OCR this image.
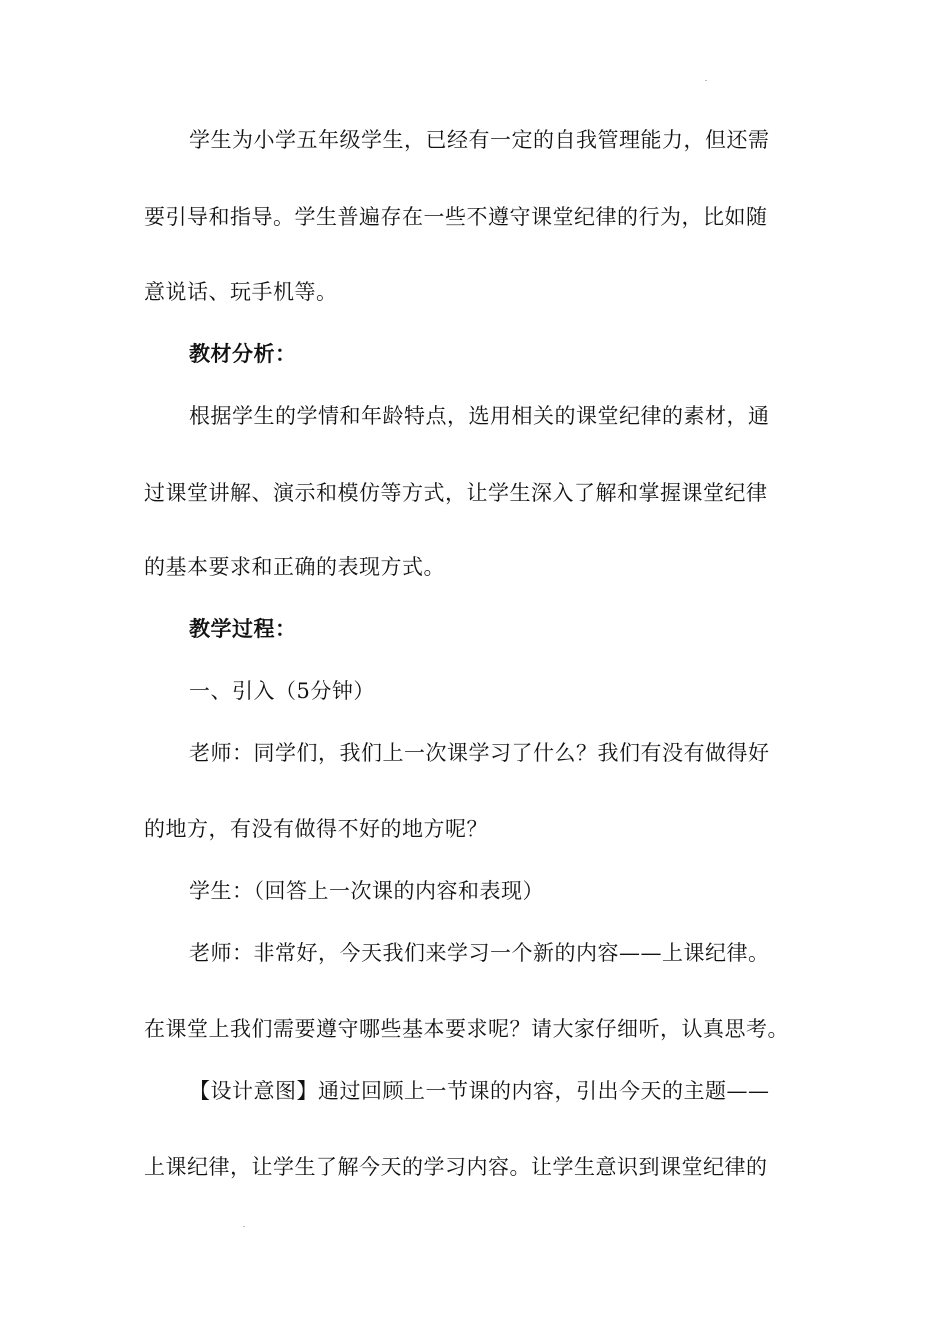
学生为小学五年级学生，已经有一定的自我管理能力，但还需
要引导和指导。学生普遍存在一些不遵守课堂纪律的行为，比如随
意说话、玩手机等。
教材分析：
根据学生的学情和年龄特点，选用相关的课堂纪律的素材，通
过课堂讲解、演示和模仿等方式，让学生深入了解和掌握课堂纪律
的基本要求和正确的表现方式。
教学过程：
一、引入（5分钟）
老师：同学们，我们上一次课学习了什么？我们有没有做得好
的地方，有没有做得不好的地方呢？
学生：（回答上一次课的内容和表现）
老师：非常好，今天我们来学习一个新的内容——上课纪律。
在课堂上我们需要遵守哪些基本要求呢？请大家仔细听，认真思考。
【设计意图】通过回顾上一节课的内容，引出今天的主题——
上课纪律，让学生了解今天的学习内容。让学生意识到课堂纪律的
